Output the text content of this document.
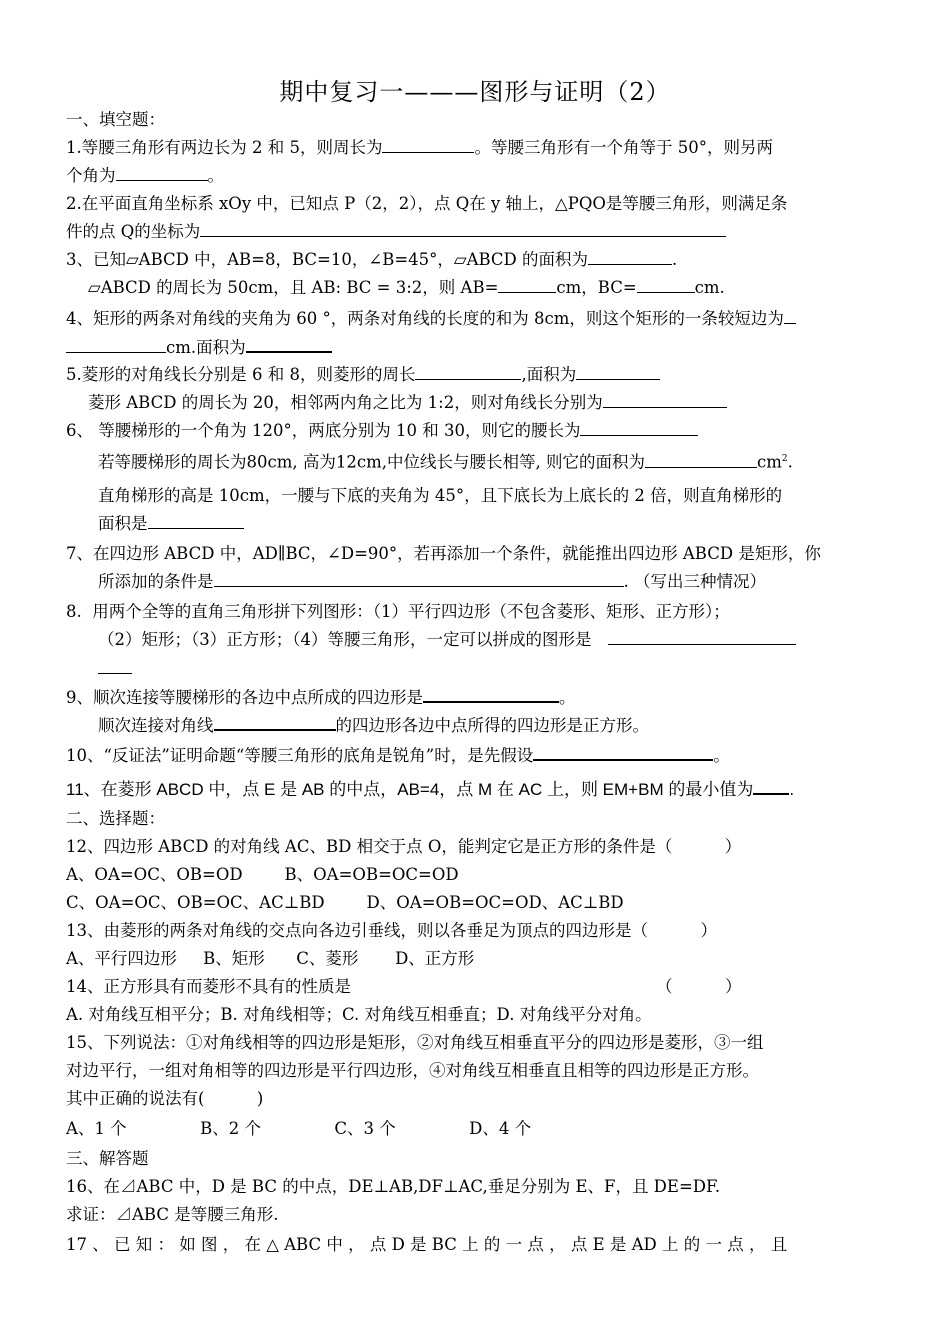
期中复习一———图形与证明（2）
一、填空题：
1.等腰三角形有两边长为 2 和 5，则周长为	。等腰三角形有一个角等于 50°，则另两
个角为	。
2.在平面直角坐标系 xOy 中，已知点 P（2，2），点 Q在 y 轴上，△PQO是等腰三角形，则满足条
件的点 Q的坐标为
3、已知▱ABCD 中，AB=8，BC=10，∠B=45°，▱ABCD 的面积为	.
▱ABCD 的周长为 50cm，且 AB: BC = 3:2，则 AB=	cm，BC=	cm.
4、矩形的两条对角线的夹角为 60 °，两条对角线的长度的和为 8cm，则这个矩形的一条较短边为
cm.面积为
5.菱形的对角线长分别是 6 和 8，则菱形的周长	,面积为
菱形 ABCD 的周长为 20，相邻两内角之比为 1:2，则对角线长分别为
6、 等腰梯形的一个角为 120°，两底分别为 10 和 30，则它的腰长为
若等腰梯形的周长为80cm, 高为12cm,中位线长与腰长相等, 则它的面积为	$cm^2$.
直角梯形的高是 10cm，一腰与下底的夹角为 45°，且下底长为上底长的 2 倍，则直角梯形的
面积是
7、在四边形 ABCD 中，AD∥BC，∠D=90°，若再添加一个条件，就能推出四边形 ABCD 是矩形，你
所添加的条件是	. （写出三种情况）
8.  用两个全等的直角三角形拼下列图形：（1）平行四边形（不包含菱形、矩形、正方形）；
（2）矩形；（3）正方形；（4）等腰三角形，一定可以拼成的图形是
9、顺次连接等腰梯形的各边中点所成的四边形是	。
顺次连接对角线	的四边形各边中点所得的四边形是正方形。
10、“反证法”证明命题“等腰三角形的底角是锐角”时，是先假设	。
11、在菱形 ABCD 中，点 E 是 AB 的中点，AB=4，点 M 在 AC 上，则 EM+BM 的最小值为 .
二、选择题：
12、四边形 ABCD 的对角线 AC、BD 相交于点 O，能判定它是正方形的条件是（          ）
A、OA=OC、OB=OD        B、OA=OB=OC=OD
C、OA=OC、OB=OC、AC⊥BD        D、OA=OB=OC=OD、AC⊥BD
13、由菱形的两条对角线的交点向各边引垂线，则以各垂足为顶点的四边形是（          ）
A、平行四边形     B、矩形      C、菱形       D、正方形
14、正方形具有而菱形不具有的性质是	（          ）
A. 对角线互相平分；B. 对角线相等；C. 对角线互相垂直；D. 对角线平分对角。
15、下列说法：①对角线相等的四边形是矩形，②对角线互相垂直平分的四边形是菱形，③一组
对边平行，一组对角相等的四边形是平行四边形，④对角线互相垂直且相等的四边形是正方形。
其中正确的说法有(          )
A、1 个              B、2 个              C、3 个              D、4 个
三、解答题
16、在⊿ABC 中，D 是 BC 的中点，DE⊥AB,DF⊥AC,垂足分别为 E、F，且 DE=DF.
求证：⊿ABC 是等腰三角形.
17 、 已 知 ： 如 图 ， 在 △ ABC 中 ， 点 D 是 BC 上 的 一 点 ， 点 E 是 AD 上 的 一 点 ， 且
